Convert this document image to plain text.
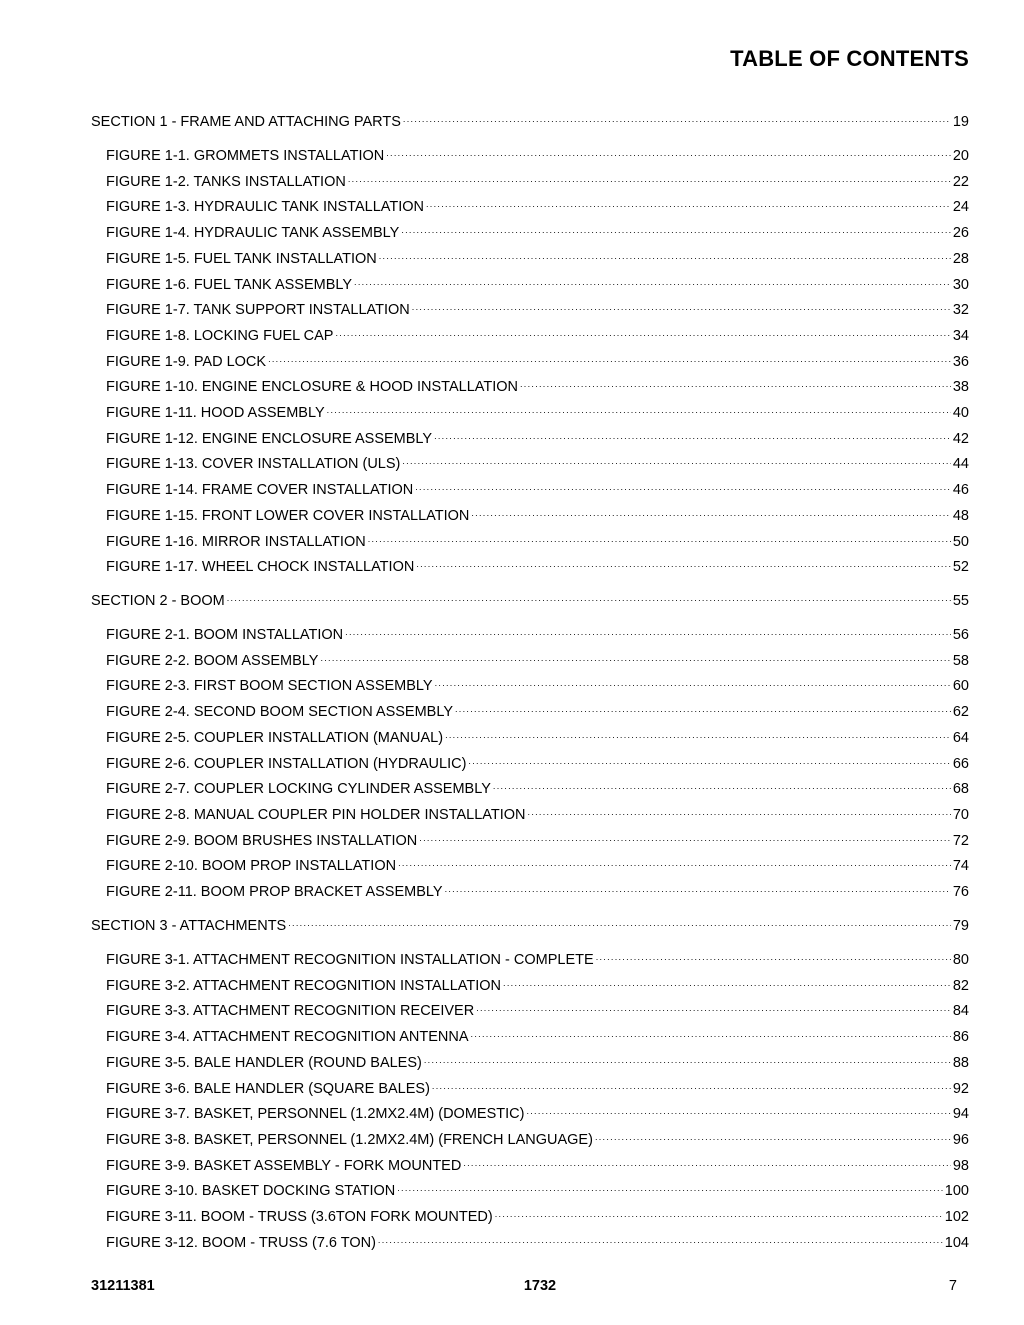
TABLE OF CONTENTS
SECTION 1 - FRAME AND ATTACHING PARTS . . .	19
FIGURE 1-1. GROMMETS INSTALLATION . . .	20
FIGURE 1-2. TANKS INSTALLATION . . .	22
FIGURE 1-3. HYDRAULIC TANK INSTALLATION . . .	24
FIGURE 1-4. HYDRAULIC TANK ASSEMBLY . . .	26
FIGURE 1-5. FUEL TANK INSTALLATION . . .	28
FIGURE 1-6. FUEL TANK ASSEMBLY . . .	30
FIGURE 1-7. TANK SUPPORT INSTALLATION . . .	32
FIGURE 1-8. LOCKING FUEL CAP . . .	34
FIGURE 1-9. PAD LOCK . . .	36
FIGURE 1-10. ENGINE ENCLOSURE & HOOD INSTALLATION . . .	38
FIGURE 1-11. HOOD ASSEMBLY . . .	40
FIGURE 1-12. ENGINE ENCLOSURE ASSEMBLY . . .	42
FIGURE 1-13. COVER INSTALLATION (ULS) . . .	44
FIGURE 1-14. FRAME COVER INSTALLATION . . .	46
FIGURE 1-15. FRONT LOWER COVER INSTALLATION . . .	48
FIGURE 1-16. MIRROR INSTALLATION . . .	50
FIGURE 1-17. WHEEL CHOCK INSTALLATION . . .	52
SECTION 2 - BOOM . . .	55
FIGURE 2-1. BOOM INSTALLATION . . .	56
FIGURE 2-2. BOOM ASSEMBLY . . .	58
FIGURE 2-3. FIRST BOOM SECTION ASSEMBLY . . .	60
FIGURE 2-4. SECOND BOOM SECTION ASSEMBLY . . .	62
FIGURE 2-5. COUPLER INSTALLATION (MANUAL) . . .	64
FIGURE 2-6. COUPLER INSTALLATION (HYDRAULIC) . . .	66
FIGURE 2-7. COUPLER LOCKING CYLINDER ASSEMBLY . . .	68
FIGURE 2-8. MANUAL COUPLER PIN HOLDER INSTALLATION . . .	70
FIGURE 2-9. BOOM BRUSHES INSTALLATION . . .	72
FIGURE 2-10. BOOM PROP INSTALLATION . . .	74
FIGURE 2-11. BOOM PROP BRACKET ASSEMBLY . . .	76
SECTION 3 - ATTACHMENTS . . .	79
FIGURE 3-1. ATTACHMENT RECOGNITION INSTALLATION - COMPLETE . . .	80
FIGURE 3-2. ATTACHMENT RECOGNITION INSTALLATION . . .	82
FIGURE 3-3. ATTACHMENT RECOGNITION RECEIVER . . .	84
FIGURE 3-4. ATTACHMENT RECOGNITION ANTENNA . . .	86
FIGURE 3-5. BALE HANDLER (ROUND BALES) . . .	88
FIGURE 3-6. BALE HANDLER (SQUARE BALES) . . .	92
FIGURE 3-7. BASKET, PERSONNEL (1.2MX2.4M) (DOMESTIC) . . .	94
FIGURE 3-8. BASKET, PERSONNEL (1.2MX2.4M) (FRENCH LANGUAGE) . . .	96
FIGURE 3-9. BASKET ASSEMBLY - FORK MOUNTED . . .	98
FIGURE 3-10. BASKET DOCKING STATION . . .	100
FIGURE 3-11. BOOM - TRUSS (3.6TON FORK MOUNTED) . . .	102
FIGURE 3-12. BOOM - TRUSS (7.6 TON) . . .	104
31211381	1732	7
